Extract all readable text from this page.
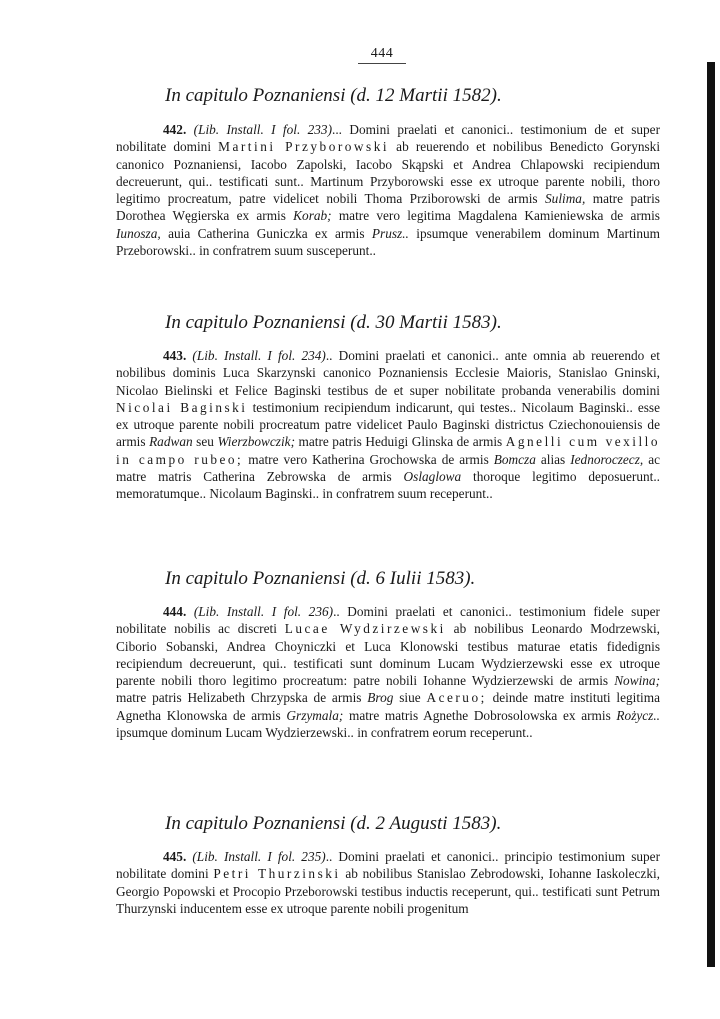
444
In capitulo Poznaniensi (d. 12 Martii 1582).

442. (Lib. Install. I fol. 233)... Domini praelati et canonici.. testimonium de et super nobilitate domini Martini Przyborowski ab reuerendo et nobilibus Benedicto Gorynski canonico Poznaniensi, Iacobo Zapolski, Iacobo Skąpski et Andrea Chlapowski recipiendum decreuerunt, qui.. testificati sunt.. Martinum Przyborowski esse ex utroque parente nobili, thoro legitimo procreatum, patre videlicet nobili Thoma Prziborowski de armis Sulima, matre patris Dorothea Węgierska ex armis Korab; matre vero legitima Magdalena Kamieniewska de armis Iunosza, auia Catherina Guniczka ex armis Prusz.. ipsumque venerabilem dominum Martinum Przeborowski.. in confratrem suum susceperunt..

In capitulo Poznaniensi (d. 30 Martii 1583).

443. (Lib. Install. I fol. 234).. Domini praelati et canonici.. ante omnia ab reuerendo et nobilibus dominis Luca Skarzynski canonico Poznaniensis Ecclesie Maioris, Stanislao Gninski, Nicolao Bielinski et Felice Baginski testibus de et super nobilitate probanda venerabilis domini Nicolai Baginski testimonium recipiendum indicarunt, qui testes.. Nicolaum Baginski.. esse ex utroque parente nobili procreatum patre videlicet Paulo Baginski districtus Cziechonouiensis de armis Radwan seu Wierzbowczik; matre patris Heduigi Glinska de armis Agnelli cum vexillo in campo rubeo; matre vero Katherina Grochowska de armis Bomcza alias Iednoroczecz, ac matre matris Catherina Zebrowska de armis Oslaglowa thoroque legitimo deposuerunt.. memoratumque.. Nicolaum Baginski.. in confratrem suum receperunt..

In capitulo Poznaniensi (d. 6 Iulii 1583).

444. (Lib. Install. I fol. 236).. Domini praelati et canonici.. testimonium fidele super nobilitate nobilis ac discreti Lucae Wydzirzewski ab nobilibus Leonardo Modrzewski, Ciborio Sobanski, Andrea Choyniczki et Luca Klonowski testibus maturae etatis fidedignis recipiendum decreuerunt, qui.. testificati sunt dominum Lucam Wydzierzewski esse ex utroque parente nobili thoro legitimo procreatum: patre nobili Iohanne Wydzierzewski de armis Nowina; matre patris Helizabeth Chrzypska de armis Brog siue Aceruo; deinde matre instituti legitima Agnetha Klonowska de armis Grzymala; matre matris Agnethe Dobrosolowska ex armis Rożycz.. ipsumque dominum Lucam Wydzierzewski.. in confratrem eorum receperunt..

In capitulo Poznaniensi (d. 2 Augusti 1583).

445. (Lib. Install. I fol. 235).. Domini praelati et canonici.. principio testimonium super nobilitate domini Petri Thurzinski ab nobilibus Stanislao Zebrodowski, Iohanne Iaskoleczki, Georgio Popowski et Procopio Przeborowski testibus inductis receperunt, qui.. testificati sunt Petrum Thurzynski inducentem esse ex utroque parente nobili progenitum
